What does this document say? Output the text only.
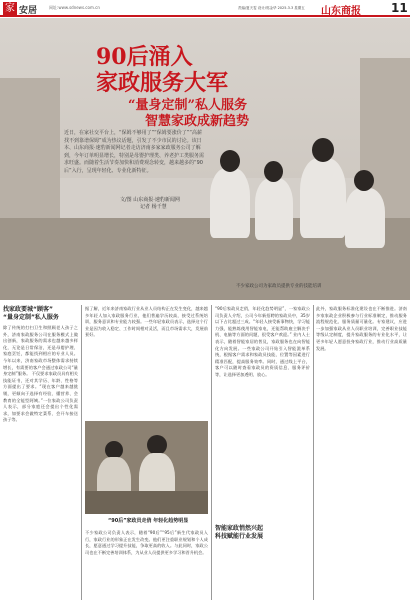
家 安居	网址:www.sdnews.com.cn	责编/夏天雯 设计/郭金华 2025.3.3 星期五 山东商报	11
90后涌入
家政服务大军
“量身定制”私人服务
智慧家政成新趋势
近日，在家社交平台上，“保姆不够用了”“保姆要涨价了”“高薪找不到靠谱保姆”成为热议话题，引发了不少市民的讨论。该日本、山东商报·速豹新闻网记者走访济南多家家政服务公司了解到，今年订单明显增长，特别是母婴护理类、养老护工类服务需求旺盛。而随着生活节奏加快和消费观念转变，越来越多的“90后”入行，呈现年轻化、专业化新特征。
文/图 山东商报·速豹新闻网
记者 杨千慧
不少家政公司为家政员提供专业的技能培训
找家政要城“顾客”
“量身定制”私人服务
除了传统的打扫卫生和照顾老人孩子之外，济南家政服务公司在服务模式上做出创新，家政服务的需求也越来越多样化，无论是日常保洁，还是母婴护理、家庭烹饪，都能找到相应的专业人员。今年以来，济南家政市场整体需求持续增长，有需要的客户会通过家政公司“量身定制”服务。 不仅要求家政员具有相关技能证书，还对其学历、年龄、性格等方面提出了要求。“现在客户越来越挑剔，更倾向于选择有经验、懂营养、会教育的全能型阿姨。”一位家政公司负责人表示，部分家庭还会提出个性化需求，如要求会做特定菜系、会开车接送孩子等。
据了解，近年来济南家政行业从业人员结构正在发生变化，越来越多年轻人加入家政服务行业，他们普遍学历较高，接受过系统培训，服务意识和专业能力较强。一些年轻家政员表示，选择这个行业是因为收入稳定、工作时间相对灵活，而且市场需求大，发展前景好。
“90后”家政员走俏 年轻化趋势明显
不少家政公司负责人表示，随着“90后”“95后”新生代家政员入行，家政行业的形象正在发生改变。他们更注重职业规划和个人成长，愿意通过学习提升技能，争取更高的收入。与此同时，家政公司也在不断完善培训体系，为从业人员提供更多学习和晋升机会。
“90后家政员走俏，年轻化趋势明显”，一家家政公司负责人介绍，公司今年新招聘的家政员中，35岁以下占比超过三成。“年轻人接受新事物快，学习能力强，能熟练使用智能家电，还能帮助雇主解决手机、电脑等方面的问题，很受客户欢迎。” 业内人士表示，随着智能家居的普及，家政服务也在向智能化方向发展。一些家政公司开始引入智能派单系统，根据客户需求和家政员技能、位置等因素进行精准匹配，提高服务效率。同时，通过线上平台，客户可以随时查看家政员的资质信息、服务评价等，让选择更加透明、放心。
智能家政悄然兴起
科技赋能行业发展
此外，家政服务标准化建设也在不断推进。济南多家家政企业积极参与行业标准制定，推动服务流程规范化、服务质量可量化。专家建议，应进一步加强家政从业人员职业培训，完善职业技能等级认定制度，提升家政服务的专业化水平，让更多年轻人愿意投身家政行业，推动行业高质量发展。
